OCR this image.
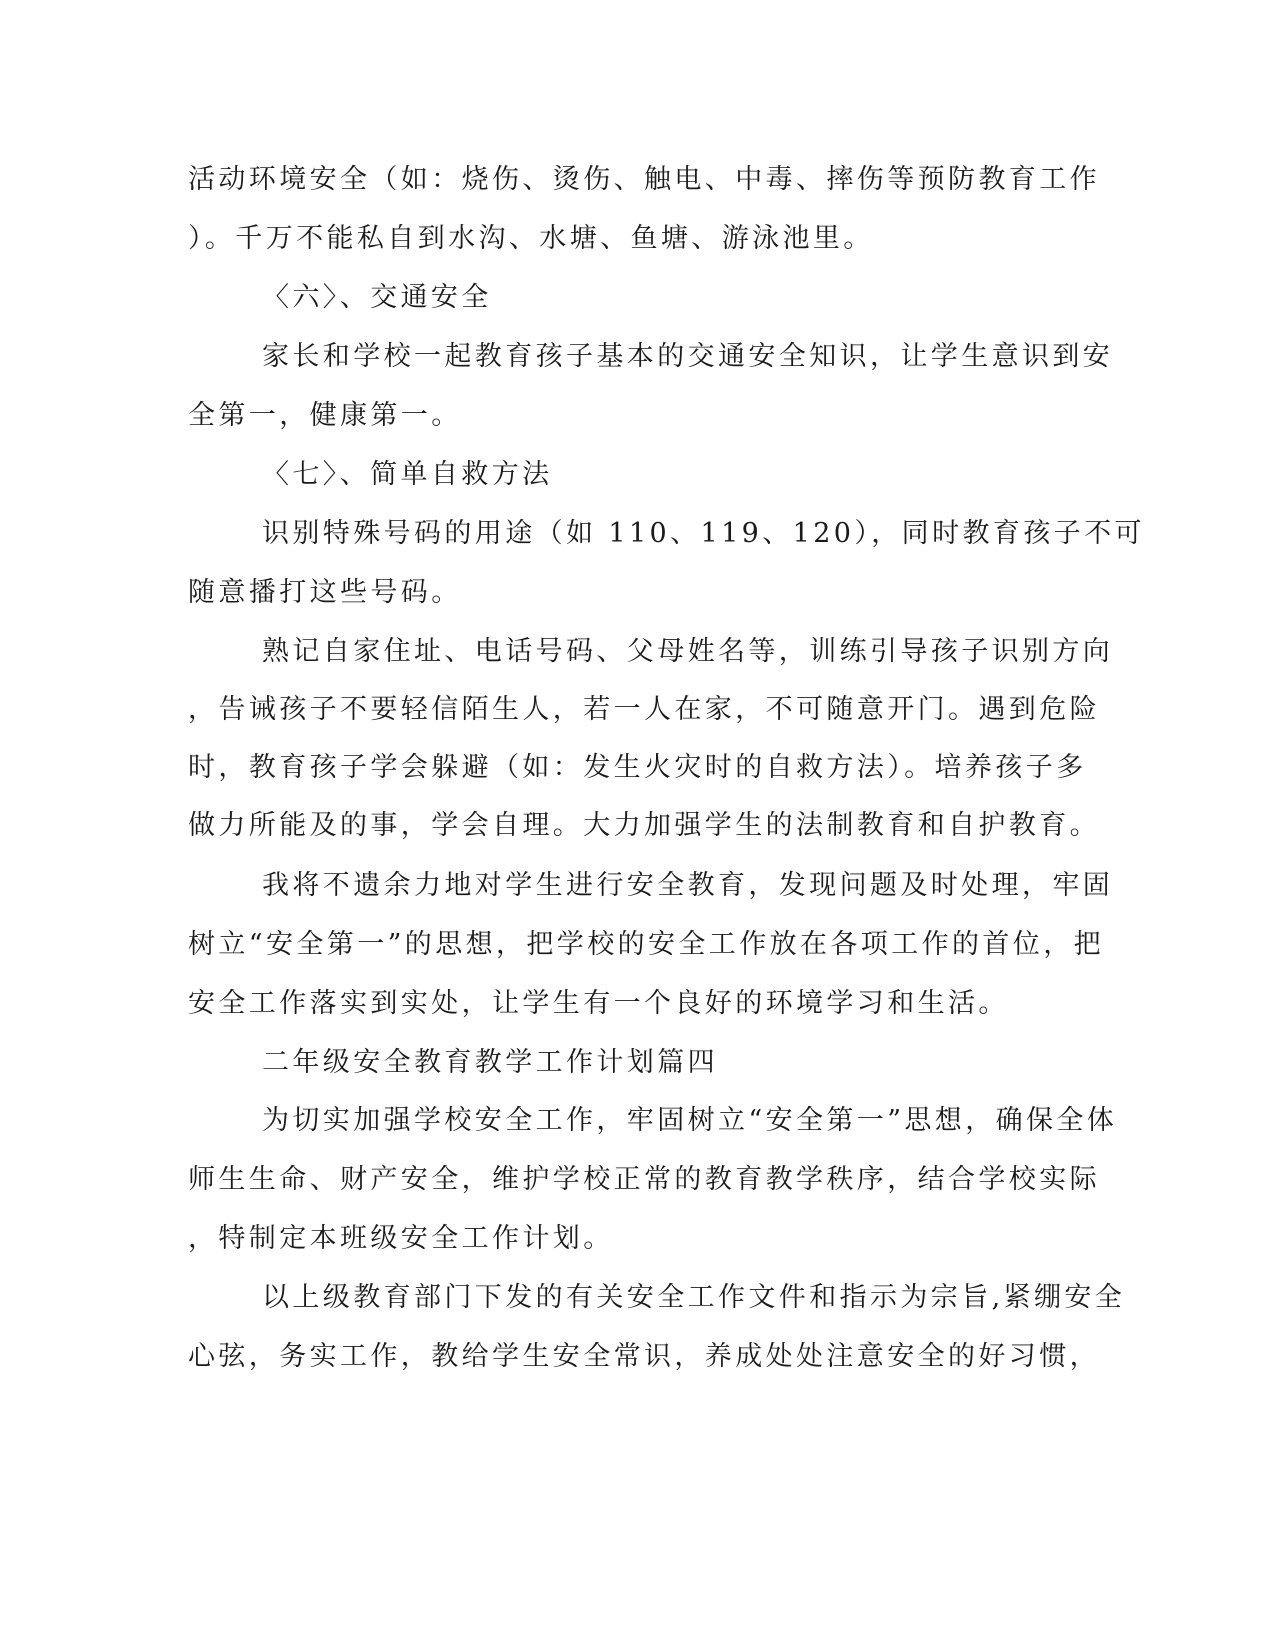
活动环境安全（如：烧伤、烫伤、触电、中毒、摔伤等预防教育工作
）。千万不能私自到水沟、水塘、鱼塘、游泳池里。
〈六〉、交通安全
家长和学校一起教育孩子基本的交通安全知识，让学生意识到安
全第一，健康第一。
〈七〉、简单自救方法
识别特殊号码的用途（如 110、119、120），同时教育孩子不可
随意播打这些号码。
熟记自家住址、电话号码、父母姓名等，训练引导孩子识别方向
，告诫孩子不要轻信陌生人，若一人在家，不可随意开门。遇到危险
时，教育孩子学会躲避（如：发生火灾时的自救方法）。培养孩子多
做力所能及的事，学会自理。大力加强学生的法制教育和自护教育。
我将不遗余力地对学生进行安全教育，发现问题及时处理，牢固
树立“安全第一”的思想，把学校的安全工作放在各项工作的首位，把
安全工作落实到实处，让学生有一个良好的环境学习和生活。
二年级安全教育教学工作计划篇四
为切实加强学校安全工作，牢固树立“安全第一”思想，确保全体
师生生命、财产安全，维护学校正常的教育教学秩序，结合学校实际
，特制定本班级安全工作计划。
以上级教育部门下发的有关安全工作文件和指示为宗旨,紧绷安全
心弦，务实工作，教给学生安全常识，养成处处注意安全的好习惯，
